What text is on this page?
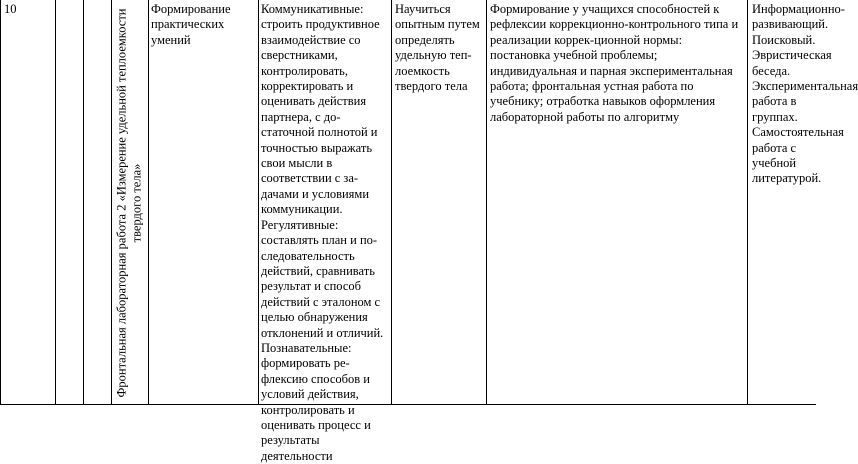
10	Фронтальная лабораторная работа 2 «Измерение удельной теплоемкости твердого тела»
Формирование практических умений
Коммуникативные: строить продуктивное взаимодействие со сверстниками, контролировать, корректировать и оценивать действия партнера, с до-статочной полнотой и точностью выражать свои мысли в соответствии с за-дачами и условиями коммуникации.
Регулятивные: составлять план и по-следовательность действий, сравнивать результат и способ действий с эталоном с целью обнаружения отклонений и отличий.
Познавательные: формировать ре-флексию способов и условий действия, контролировать и оценивать процесс и результаты деятельности
Научиться опытным путем определять удельную теп-лоемкость твердого тела
Формирование у учащихся способностей к рефлексии коррекционно-контрольного типа и реализации коррек-ционной нормы: постановка учебной проблемы; индивидуальная и парная экспериментальная работа; фронтальная устная работа по учебнику; отработка навыков оформления лабораторной работы по алгоритму
Информационно-развивающий. Поисковый. Эвристическая беседа. Экспериментальная работа в группах. Самостоятельная работа с учебной литературой.
